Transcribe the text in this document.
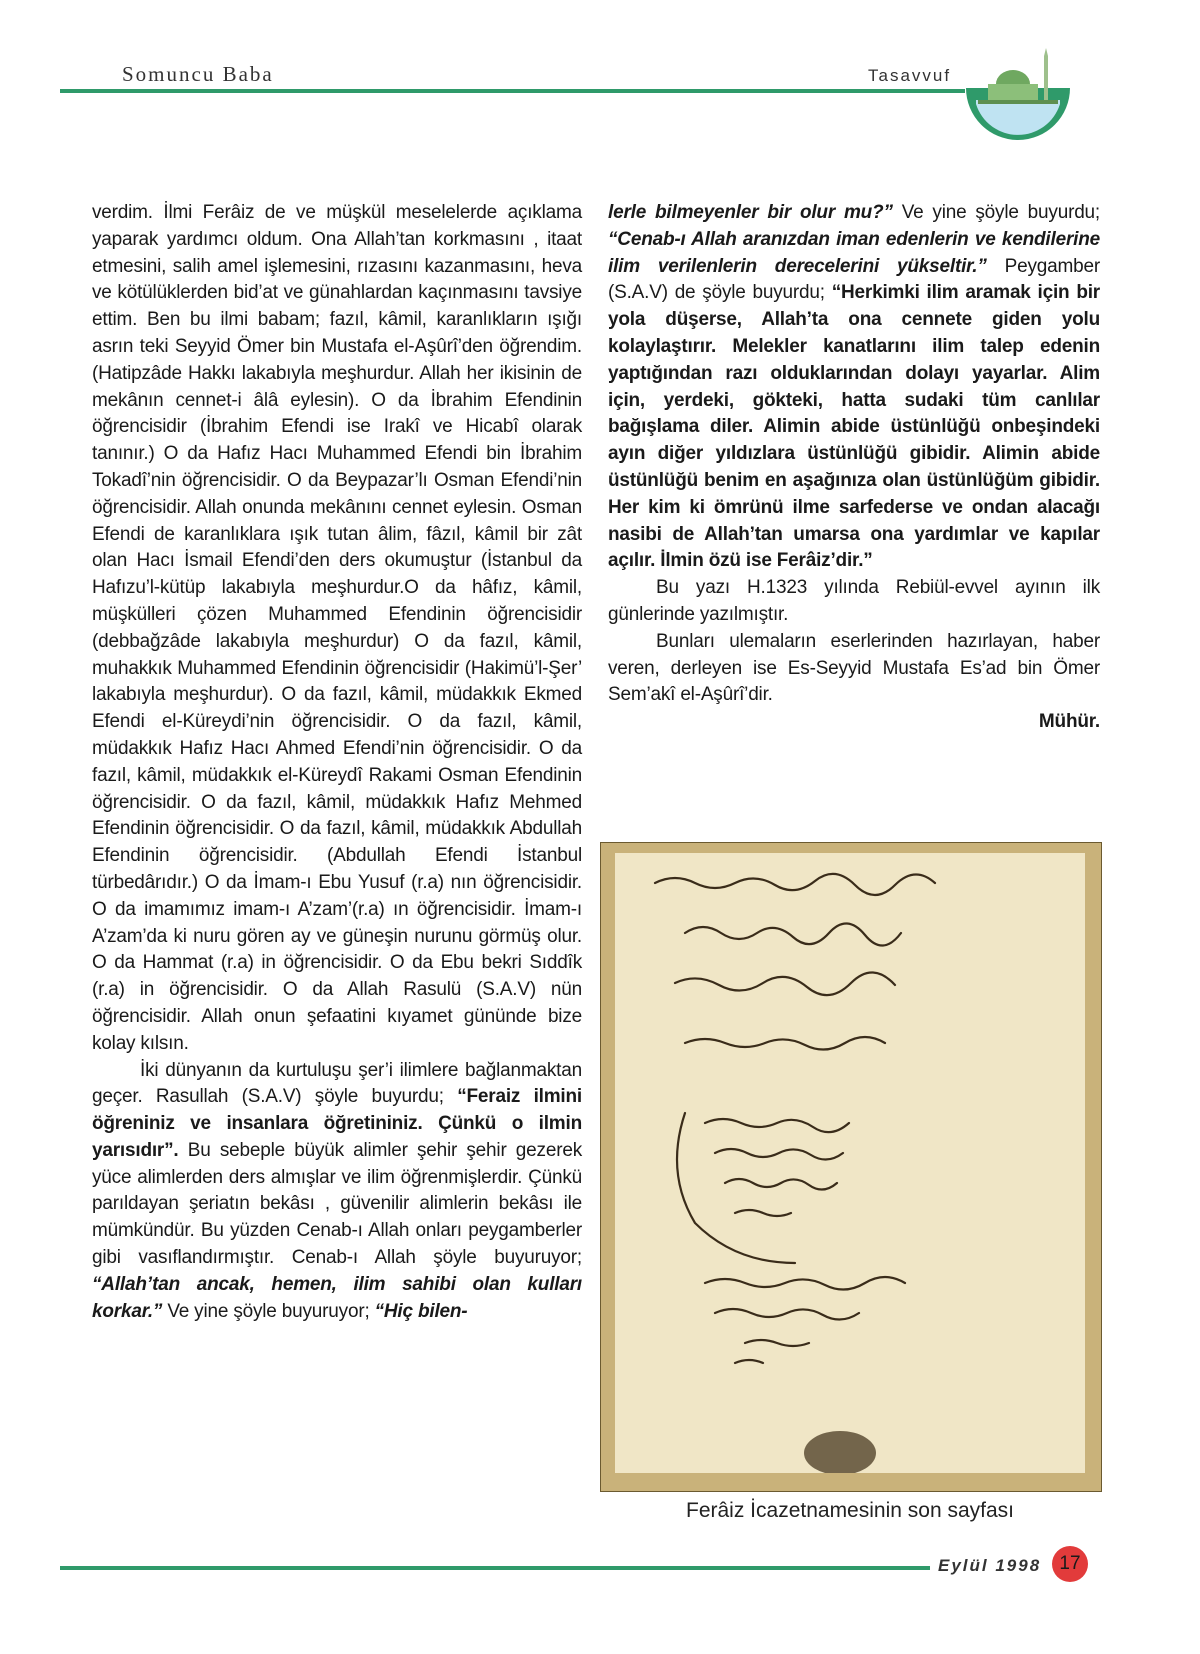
Somuncu Baba	Tasavvuf

verdim. İlmi Ferâiz de ve müşkül meselelerde açıklama yaparak yardımcı oldum. Ona Allah’tan korkmasını , itaat etmesini, salih amel işlemesini, rızasını kazanmasını, heva ve kötülüklerden bid’at ve günahlardan kaçınmasını tavsiye ettim. Ben bu ilmi babam; fazıl, kâmil, karanlıkların ışığı asrın teki Seyyid Ömer bin Mustafa el-Aşûrî’den öğrendim. (Hatipzâde Hakkı lakabıyla meşhurdur. Allah her ikisinin de mekânın cennet-i âlâ eylesin). O da İbrahim Efendinin öğrencisidir (İbrahim Efendi ise Irakî ve Hicabî olarak tanınır.) O da Hafız Hacı Muhammed Efendi bin İbrahim Tokadî’nin öğrencisidir. O da Beypazar’lı Osman Efendi’nin öğrencisidir. Allah onunda mekânını cennet eylesin. Osman Efendi de karanlıklara ışık tutan âlim, fâzıl, kâmil bir zât olan Hacı İsmail Efendi’den ders okumuştur (İstanbul da Hafızu’l-kütüp lakabıyla meşhurdur.O da hâfız, kâmil, müşkülleri çözen Muhammed Efendinin öğrencisidir (debbağzâde lakabıyla meşhurdur) O da fazıl, kâmil, muhakkık Muhammed Efendinin öğrencisidir (Hakimü’l-Şer’ lakabıyla meşhurdur). O da fazıl, kâmil, müdakkık Ekmed Efendi el-Küreydi’nin öğrencisidir. O da fazıl, kâmil, müdakkık Hafız Hacı Ahmed Efendi’nin öğrencisidir. O da fazıl, kâmil, müdakkık el-Küreydî Rakami Osman Efendinin öğrencisidir. O da fazıl, kâmil, müdakkık Hafız Mehmed Efendinin öğrencisidir. O da fazıl, kâmil, müdakkık Abdullah Efendinin öğrencisidir. (Abdullah Efendi İstanbul türbedârıdır.) O da İmam-ı Ebu Yusuf (r.a) nın öğrencisidir. O da imamımız imam-ı A’zam’(r.a) ın öğrencisidir. İmam-ı A’zam’da ki nuru gören ay ve güneşin nurunu görmüş olur. O da Hammat (r.a) in öğrencisidir. O da Ebu bekri Sıddîk (r.a) in öğrencisidir. O da Allah Rasulü (S.A.V) nün öğrencisidir. Allah onun şefaatini kıyamet gününde bize kolay kılsın.

İki dünyanın da kurtuluşu şer’i ilimlere bağlanmaktan geçer. Rasullah (S.A.V) şöyle buyurdu; “Feraiz ilmini öğreniniz ve insanlara öğretininiz. Çünkü o ilmin yarısıdır”. Bu sebeple büyük alimler şehir şehir gezerek yüce alimlerden ders almışlar ve ilim öğrenmişlerdir. Çünkü parıldayan şeriatın bekâsı , güvenilir alimlerin bekâsı ile mümkündür. Bu yüzden Cenab-ı Allah onları peygamberler gibi vasıflandırmıştır. Cenab-ı Allah şöyle buyuruyor; “Allah’tan ancak, hemen, ilim sahibi olan kulları korkar.” Ve yine şöyle buyuruyor; “Hiç bilen-

lerle bilmeyenler bir olur mu?” Ve yine şöyle buyurdu; “Cenab-ı Allah aranızdan iman edenlerin ve kendilerine ilim verilenlerin derecelerini yükseltir.” Peygamber (S.A.V) de şöyle buyurdu; “Herkimki ilim aramak için bir yola düşerse, Allah’ta ona cennete giden yolu kolaylaştırır. Melekler kanatlarını ilim talep edenin yaptığından razı olduklarından dolayı yayarlar. Alim için, yerdeki, gökteki, hatta sudaki tüm canlılar bağışlama diler. Alimin abide üstünlüğü onbeşindeki ayın diğer yıldızlara üstünlüğü gibidir. Alimin abide üstünlüğü benim en aşağınıza olan üstünlüğüm gibidir. Her kim ki ömrünü ilme sarfederse ve ondan alacağı nasibi de Allah’tan umarsa ona yardımlar ve kapılar açılır. İlmin özü ise Ferâiz’dir.”

Bu yazı H.1323 yılında Rebiül-evvel ayının ilk günlerinde yazılmıştır.

Bunları ulemaların eserlerinden hazırlayan, haber veren, derleyen ise Es-Seyyid Mustafa Es’ad bin Ömer Sem’akî el-Aşûrî’dir.

Mühür.

Ferâiz İcazetnamesinin son sayfası
Eylül 1998 17
